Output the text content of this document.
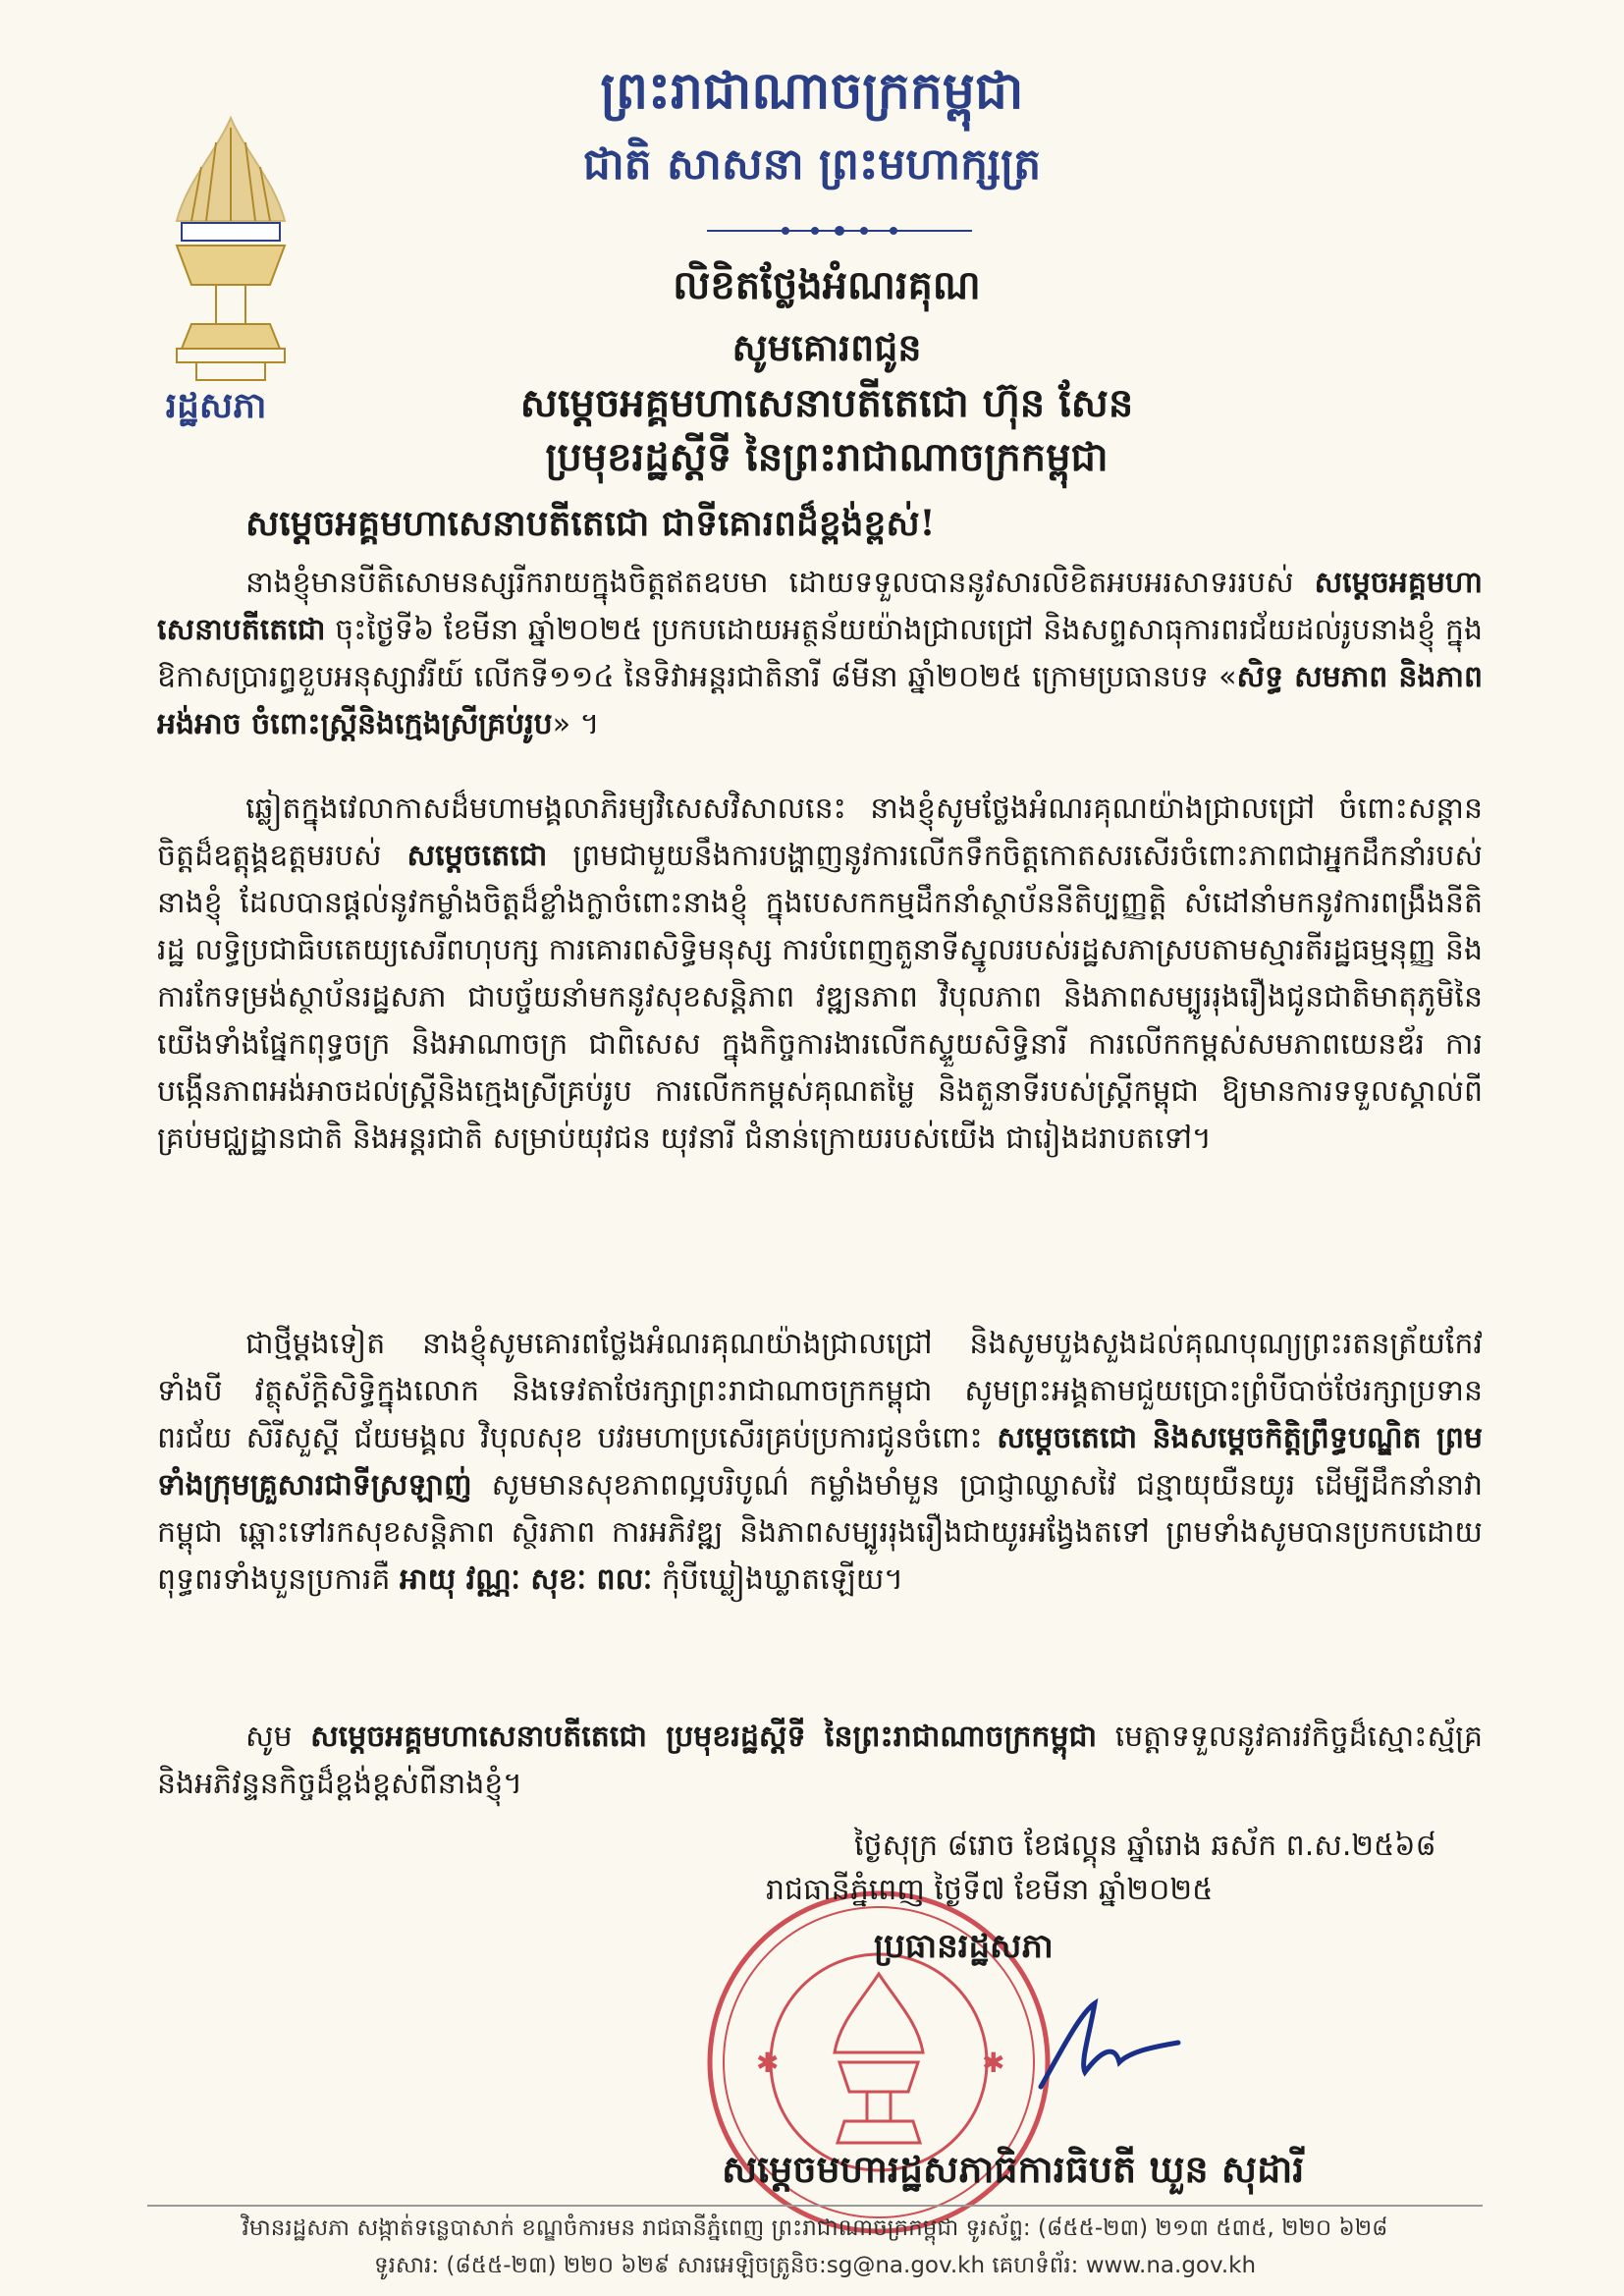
រដ្ឋសភា
ព្រះរាជាណាចក្រកម្ពុជា
ជាតិ សាសនា ព្រះមហាក្សត្រ
លិខិតថ្លែងអំណរគុណ
សូមគោរពជូន
សម្តេចអគ្គមហាសេនាបតីតេជោ ហ៊ុន សែន
ប្រមុខរដ្ឋស្តីទី នៃព្រះរាជាណាចក្រកម្ពុជា
សម្តេចអគ្គមហាសេនាបតីតេជោ ជាទីគោរពដ៏ខ្ពង់ខ្ពស់!
នាងខ្ញុំមានបីតិសោមនស្សរីករាយក្នុងចិត្តឥតឧបមា ដោយទទួលបាននូវសារលិខិតអបអរសាទររបស់ សម្តេចអគ្គមហាសេនាបតីតេជោ ចុះថ្ងៃទី៦ ខែមីនា ឆ្នាំ២០២៥ ប្រកបដោយអត្ថន័យយ៉ាងជ្រាលជ្រៅ និងសព្ទសាធុការពរជ័យដល់រូបនាងខ្ញុំ ក្នុងឱកាសប្រារព្ធខួបអនុស្សាវរីយ៍ លើកទី១១៤ នៃទិវាអន្តរជាតិនារី ៨មីនា ឆ្នាំ២០២៥ ក្រោមប្រធានបទ «សិទ្ធ សមភាព និងភាពអង់អាច ចំពោះស្ត្រីនិងក្មេងស្រីគ្រប់រូប» ។
ឆ្លៀតក្នុងវេលាកាសដ៏មហាមង្គលាភិរម្យវិសេសវិសាលនេះ នាងខ្ញុំសូមថ្លែងអំណរគុណយ៉ាងជ្រាលជ្រៅ ចំពោះសន្តានចិត្តដ៏ឧត្តុង្គឧត្តមរបស់ សម្តេចតេជោ ព្រមជាមួយនឹងការបង្ហាញនូវការលើកទឹកចិត្តកោតសរសើរចំពោះភាពជាអ្នកដឹកនាំរបស់នាងខ្ញុំ ដែលបានផ្តល់នូវកម្លាំងចិត្តដ៏ខ្លាំងក្លាចំពោះនាងខ្ញុំ ក្នុងបេសកកម្មដឹកនាំស្ថាប័ននីតិប្បញ្ញត្តិ សំដៅនាំមកនូវការពង្រឹងនីតិរដ្ឋ លទ្ធិប្រជាធិបតេយ្យសេរីពហុបក្ស ការគោរពសិទ្ធិមនុស្ស ការបំពេញតួនាទីស្នូលរបស់រដ្ឋសភាស្របតាមស្មារតីរដ្ឋធម្មនុញ្ញ និងការកែទម្រង់ស្ថាប័នរដ្ឋសភា ជាបច្ច័យនាំមកនូវសុខសន្តិភាព វឌ្ឍនភាព វិបុលភាព និងភាពសម្បូររុងរឿងជូនជាតិមាតុភូមិនៃយើងទាំងផ្នែកពុទ្ធចក្រ និងអាណាចក្រ ជាពិសេស ក្នុងកិច្ចការងារលើកស្ទួយសិទ្ធិនារី ការលើកកម្ពស់សមភាពយេនឌ័រ ការបង្កើនភាពអង់អាចដល់ស្ត្រីនិងក្មេងស្រីគ្រប់រូប ការលើកកម្ពស់គុណតម្លៃ និងតួនាទីរបស់ស្ត្រីកម្ពុជា ឱ្យមានការទទួលស្គាល់ពីគ្រប់មជ្ឈដ្ឋានជាតិ និងអន្តរជាតិ សម្រាប់យុវជន យុវនារី ជំនាន់ក្រោយរបស់យើង ជារៀងដរាបតទៅ។
ជាថ្មីម្តងទៀត នាងខ្ញុំសូមគោរពថ្លែងអំណរគុណយ៉ាងជ្រាលជ្រៅ និងសូមបួងសួងដល់គុណបុណ្យព្រះរតនត្រ័យកែវទាំងបី វត្ថុស័ក្តិសិទ្ធិក្នុងលោក និងទេវតាថែរក្សាព្រះរាជាណាចក្រកម្ពុជា សូមព្រះអង្គតាមជួយប្រោះព្រំបីបាច់ថែរក្សាប្រទានពរជ័យ សិរីសួស្តី ជ័យមង្គល វិបុលសុខ បវរមហាប្រសើរគ្រប់ប្រការជូនចំពោះ សម្តេចតេជោ និងសម្តេចកិត្តិព្រឹទ្ធបណ្ឌិត ព្រមទាំងក្រុមគ្រួសារជាទីស្រឡាញ់ សូមមានសុខភាពល្អបរិបូណ៌ កម្លាំងមាំមួន ប្រាជ្ញាឈ្លាសវៃ ជន្មាយុយឺនយូរ ដើម្បីដឹកនាំនាវាកម្ពុជា ឆ្ពោះទៅរកសុខសន្តិភាព ស្ថិរភាព ការអភិវឌ្ឍ និងភាពសម្បូររុងរឿងជាយូរអង្វែងតទៅ ព្រមទាំងសូមបានប្រកបដោយពុទ្ធពរទាំងបួនប្រការគឺ អាយុ វណ្ណៈ សុខៈ ពលៈ កុំបីឃ្លៀងឃ្លាតឡើយ។
សូម សម្តេចអគ្គមហាសេនាបតីតេជោ ប្រមុខរដ្ឋស្តីទី នៃព្រះរាជាណាចក្រកម្ពុជា មេត្តាទទួលនូវគារវកិច្ចដ៏ស្មោះស្ម័គ្រ និងអភិវន្ទនកិច្ចដ៏ខ្ពង់ខ្ពស់ពីនាងខ្ញុំ។
✱	✱
ថ្ងៃសុក្រ ៨រោច ខែផល្គុន ឆ្នាំរោង ឆស័ក ព.ស.២៥៦៨
រាជធានីភ្នំពេញ ថ្ងៃទី៧ ខែមីនា ឆ្នាំ២០២៥
ប្រធានរដ្ឋសភា
សម្តេចមហារដ្ឋសភាធិការធិបតី ឃួន សុដារី
វិមានរដ្ឋសភា សង្កាត់ទន្លេបាសាក់ ខណ្ឌចំការមន រាជធានីភ្នំពេញ ព្រះរាជាណាចក្រកម្ពុជា ទូរស័ព្ទ: (៨៥៥-២៣) ២១៣ ៥៣៥, ២២០ ៦២៨
ទូរសារ: (៨៥៥-២៣) ២២០ ៦២៩ សារអេឡិចត្រូនិច:sg@na.gov.kh គេហទំព័រ: www.na.gov.kh
